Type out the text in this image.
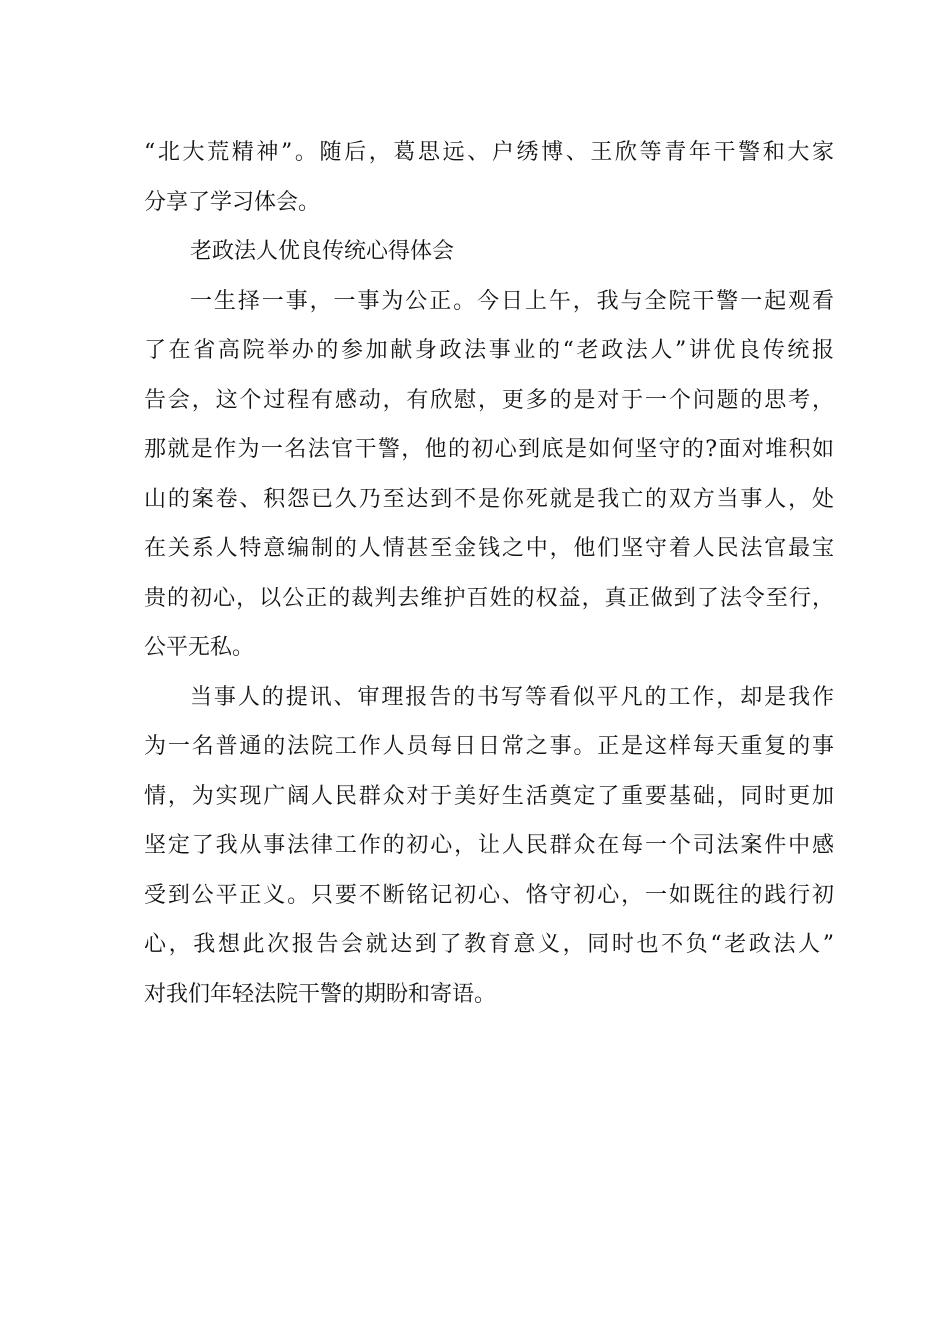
“北大荒精神”。随后，葛思远、户绣博、王欣等青年干警和大家
分享了学习体会。
老政法人优良传统心得体会
一生择一事，一事为公正。今日上午，我与全院干警一起观看
了在省高院举办的参加献身政法事业的“老政法人”讲优良传统报
告会，这个过程有感动，有欣慰，更多的是对于一个问题的思考，
那就是作为一名法官干警，他的初心到底是如何坚守的?面对堆积如
山的案卷、积怨已久乃至达到不是你死就是我亡的双方当事人，处
在关系人特意编制的人情甚至金钱之中，他们坚守着人民法官最宝
贵的初心，以公正的裁判去维护百姓的权益，真正做到了法令至行，
公平无私。
当事人的提讯、审理报告的书写等看似平凡的工作，却是我作
为一名普通的法院工作人员每日日常之事。正是这样每天重复的事
情，为实现广阔人民群众对于美好生活奠定了重要基础，同时更加
坚定了我从事法律工作的初心，让人民群众在每一个司法案件中感
受到公平正义。只要不断铭记初心、恪守初心，一如既往的践行初
心，我想此次报告会就达到了教育意义，同时也不负“老政法人”
对我们年轻法院干警的期盼和寄语。
